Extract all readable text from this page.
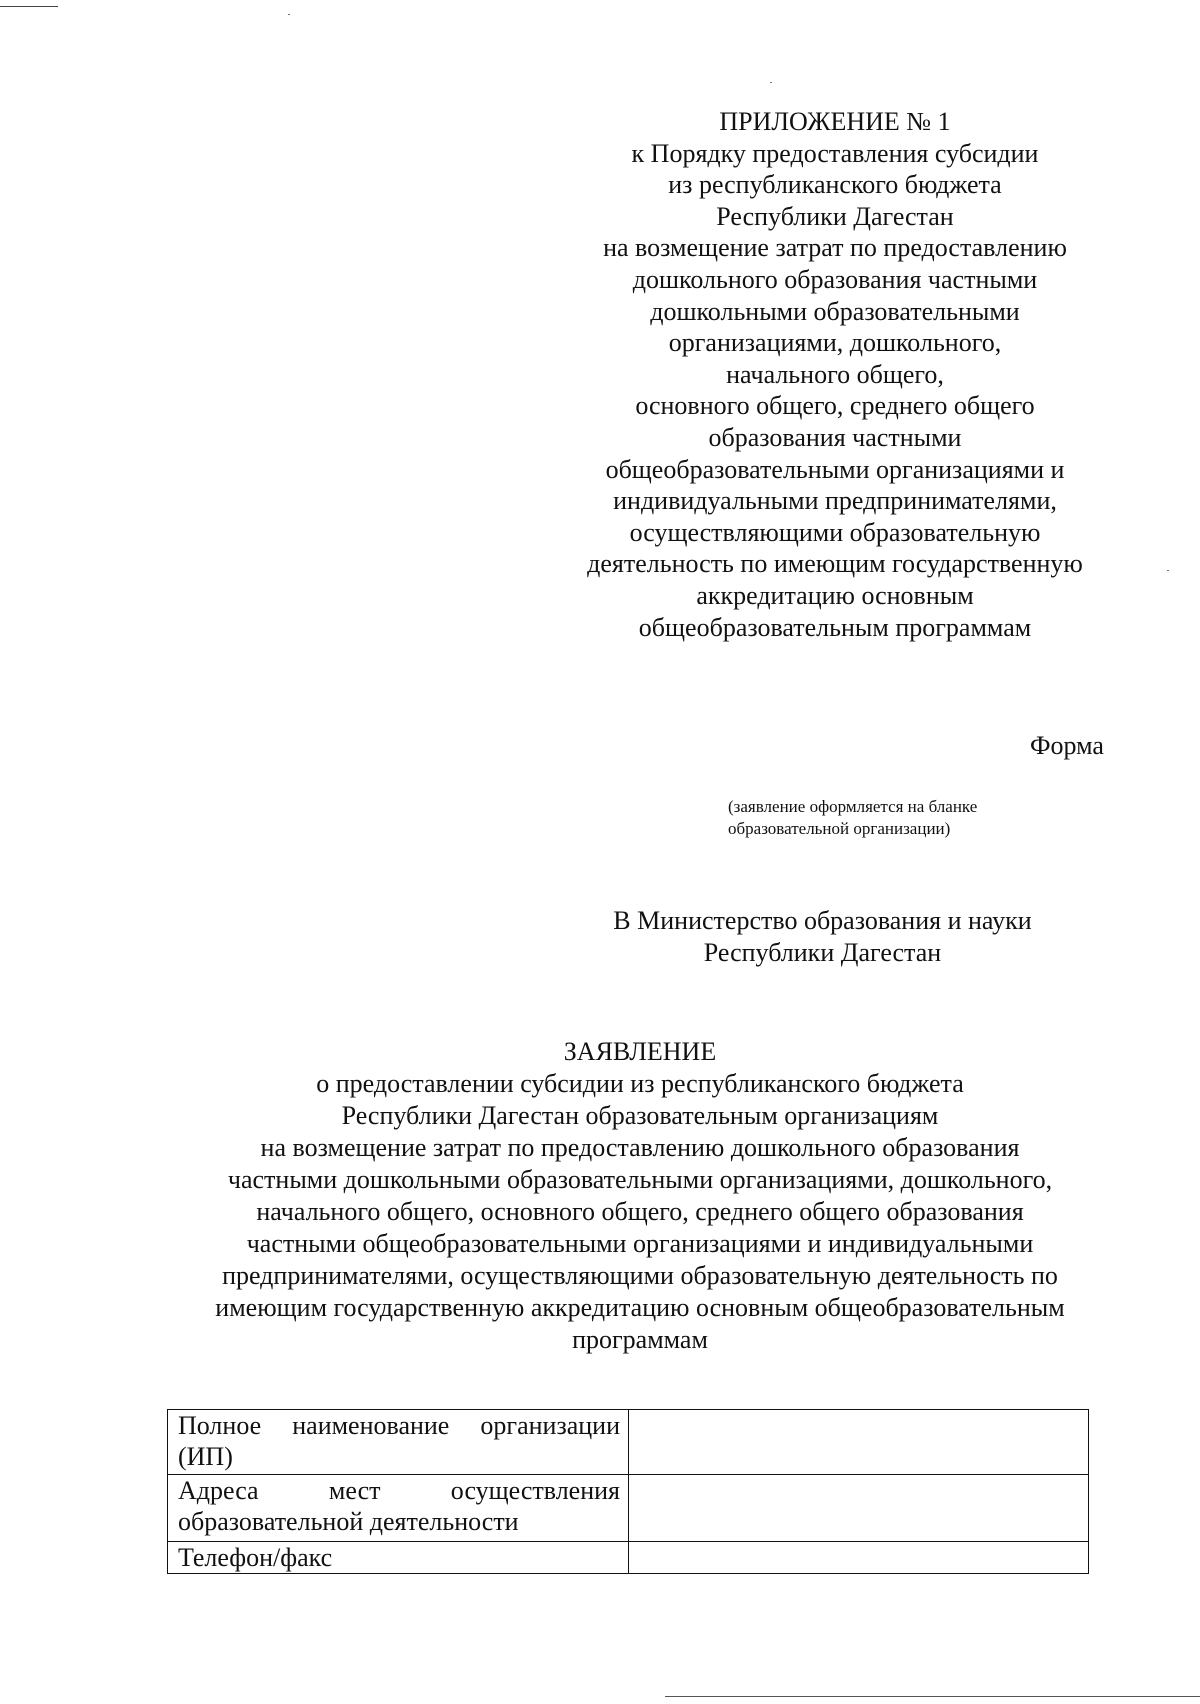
ПРИЛОЖЕНИЕ № 1
к Порядку предоставления субсидии
из республиканского бюджета
Республики Дагестан
на возмещение затрат по предоставлению
дошкольного образования частными
дошкольными образовательными
организациями, дошкольного,
начального общего,
основного общего, среднего общего
образования частными
общеобразовательными организациями и
индивидуальными предпринимателями,
осуществляющими образовательную
деятельность по имеющим государственную
аккредитацию основным
общеобразовательным программам
Форма
(заявление оформляется на бланке
образовательной организации)
В Министерство образования и науки
Республики Дагестан
ЗАЯВЛЕНИЕ
о предоставлении субсидии из республиканского бюджета
Республики Дагестан образовательным организациям
на возмещение затрат по предоставлению дошкольного образования
частными дошкольными образовательными организациями, дошкольного,
начального общего, основного общего, среднего общего образования
частными общеобразовательными организациями и индивидуальными
предпринимателями, осуществляющими образовательную деятельность по
имеющим государственную аккредитацию основным общеобразовательным
программам
Полное наименование организации
(ИП)	

Адреса мест осуществления
образовательной деятельности	

Телефон/факс	
